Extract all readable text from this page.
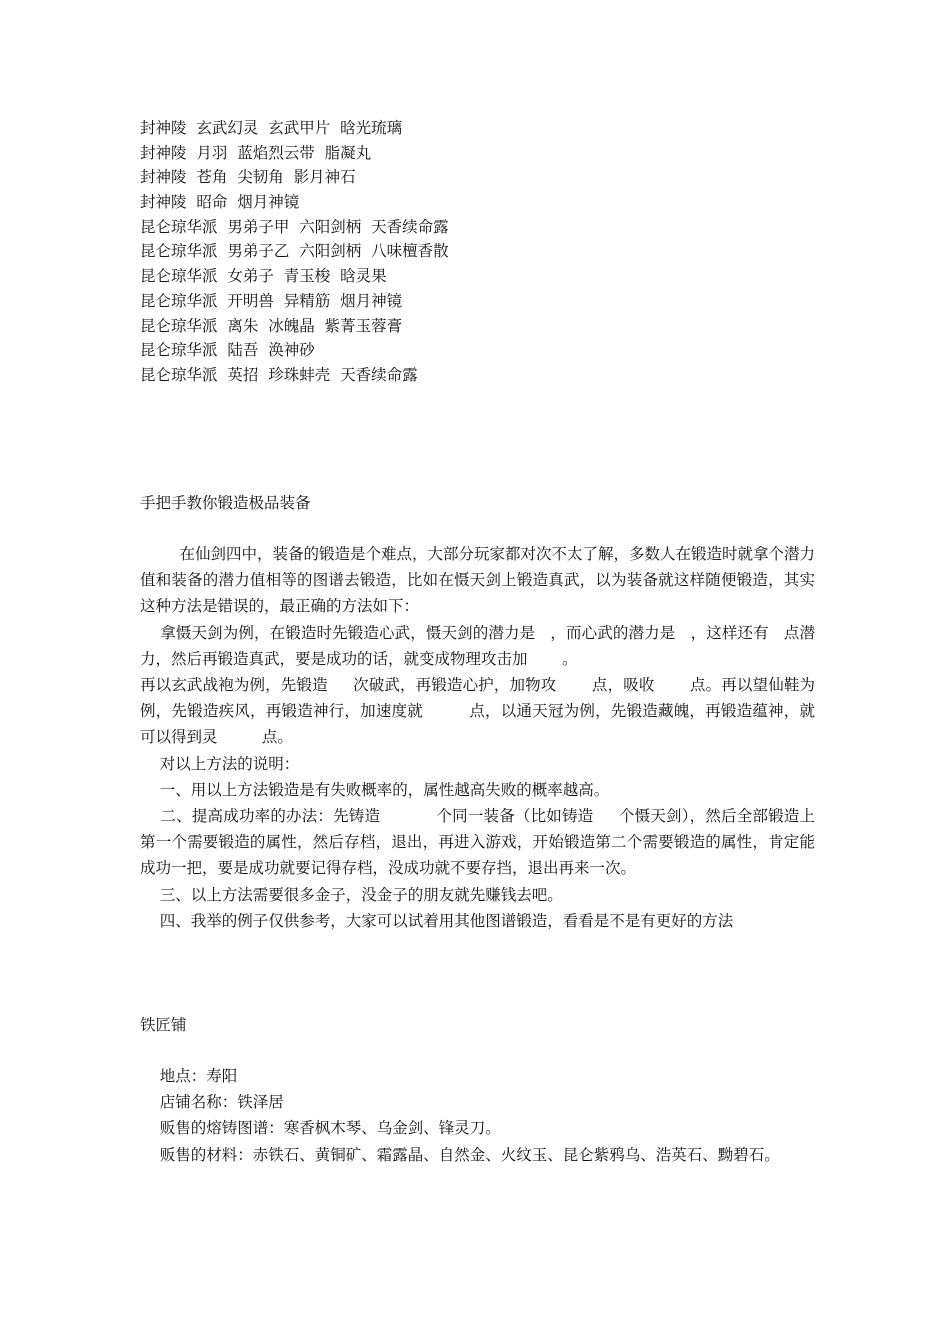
封神陵  玄武幻灵  玄武甲片  晗光琉璃
封神陵  月羽  蓝焰烈云带  脂凝丸
封神陵  苍角  尖韧角  影月神石
封神陵  昭命  烟月神镜
昆仑琼华派  男弟子甲  六阳剑柄  天香续命露
昆仑琼华派  男弟子乙  六阳剑柄  八味檀香散
昆仑琼华派  女弟子  青玉梭  晗灵果
昆仑琼华派  开明兽  异精筋  烟月神镜
昆仑琼华派  离朱  冰魄晶  紫菁玉蓉膏
昆仑琼华派  陆吾  涣神砂
昆仑琼华派  英招  珍珠蚌壳  天香续命露
手把手教你锻造极品装备

在仙剑四中，装备的锻造是个难点，大部分玩家都对次不太了解，多数人在锻造时就拿个潜力值和装备的潜力值相等的图谱去锻造，比如在慑天剑上锻造真武，以为装备就这样随便锻造，其实这种方法是错误的，最正确的方法如下：

拿慑天剑为例，在锻造时先锻造心武，慑天剑的潜力是   ，而心武的潜力是   ，这样还有   点潜力，然后再锻造真武，要是成功的话，就变成物理攻击加       。

再以玄武战袍为例，先锻造     次破武，再锻造心护，加物攻       点，吸收       点。再以望仙鞋为例，先锻造疾风，再锻造神行，加速度就         点，以通天冠为例，先锻造藏魄，再锻造蕴神，就可以得到灵         点。

对以上方法的说明：

一、用以上方法锻造是有失败概率的，属性越高失败的概率越高。

二、提高成功率的办法：先铸造           个同一装备（比如铸造     个慑天剑），然后全部锻造上第一个需要锻造的属性，然后存档，退出，再进入游戏，开始锻造第二个需要锻造的属性，肯定能成功一把，要是成功就要记得存档，没成功就不要存挡，退出再来一次。

三、以上方法需要很多金子，没金子的朋友就先赚钱去吧。

四、我举的例子仅供参考，大家可以试着用其他图谱锻造，看看是不是有更好的方法

铁匠铺

地点：寿阳

店铺名称：铁泽居

贩售的熔铸图谱：寒香枫木琴、乌金剑、锋灵刀。

贩售的材料：赤铁石、黄铜矿、霜露晶、自然金、火纹玉、昆仑紫鸦乌、浩英石、黝碧石。
